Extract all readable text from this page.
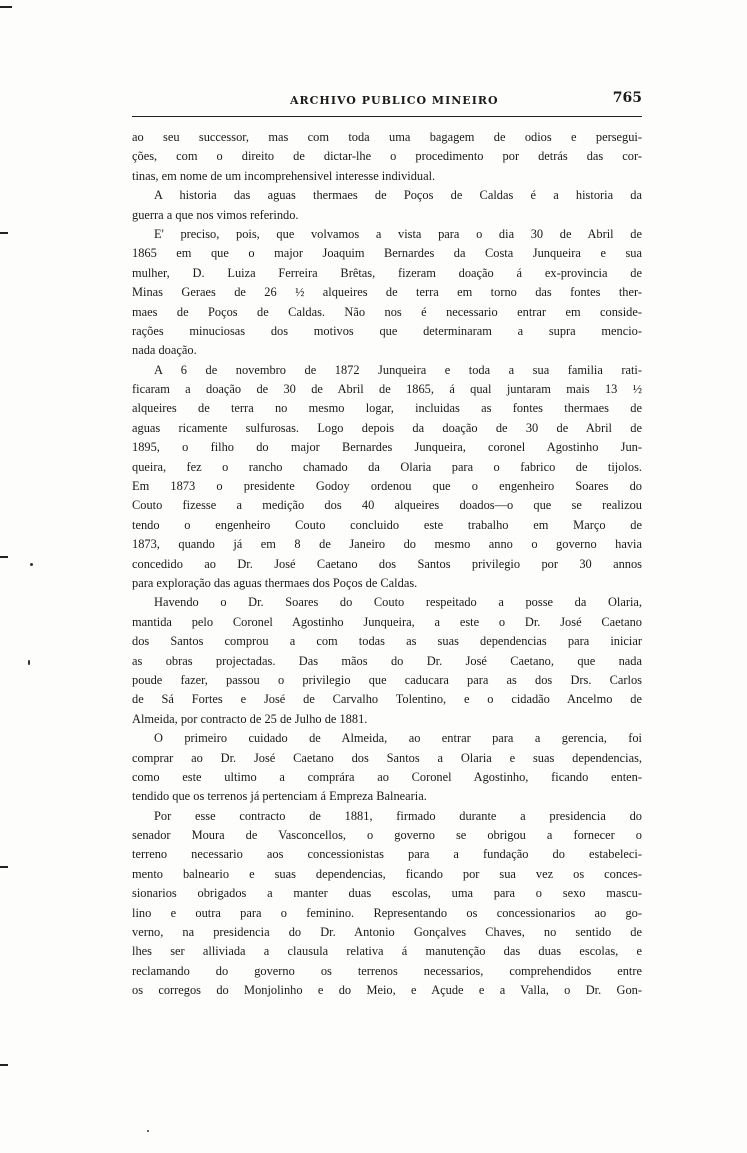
ARCHIVO PUBLICO MINEIRO	765
ao seu successor, mas com toda uma bagagem de odios e persegui-
ções, com o direito de dictar-lhe o procedimento por detrás das cor-
tinas, em nome de um incomprehensivel interesse individual.
A historia das aguas thermaes de Poços de Caldas é a historia da
guerra a que nos vimos referindo.
E' preciso, pois, que volvamos a vista para o dia 30 de Abril de
1865 em que o major Joaquim Bernardes da Costa Junqueira e sua
mulher, D. Luiza Ferreira Brêtas, fizeram doação á ex-provincia de
Minas Geraes de 26 ½ alqueires de terra em torno das fontes ther-
maes de Poços de Caldas. Não nos é necessario entrar em conside-
rações minuciosas dos motivos que determinaram a supra mencio-
nada doação.
A 6 de novembro de 1872 Junqueira e toda a sua familia rati-
ficaram a doação de 30 de Abril de 1865, á qual juntaram mais 13 ½
alqueires de terra no mesmo logar, incluidas as fontes thermaes de
aguas ricamente sulfurosas. Logo depois da doação de 30 de Abril de
1895, o filho do major Bernardes Junqueira, coronel Agostinho Jun-
queira, fez o rancho chamado da Olaria para o fabrico de tijolos.
Em 1873 o presidente Godoy ordenou que o engenheiro Soares do
Couto fizesse a medição dos 40 alqueires doados—o que se realizou
tendo o engenheiro Couto concluido este trabalho em Março de
1873, quando já em 8 de Janeiro do mesmo anno o governo havia
concedido ao Dr. José Caetano dos Santos privilegio por 30 annos
para exploração das aguas thermaes dos Poços de Caldas.
Havendo o Dr. Soares do Couto respeitado a posse da Olaria,
mantida pelo Coronel Agostinho Junqueira, a este o Dr. José Caetano
dos Santos comprou a com todas as suas dependencias para iniciar
as obras projectadas. Das mãos do Dr. José Caetano, que nada
poude fazer, passou o privilegio que caducara para as dos Drs. Carlos
de Sá Fortes e José de Carvalho Tolentino, e o cidadão Ancelmo de
Almeida, por contracto de 25 de Julho de 1881.
O primeiro cuidado de Almeida, ao entrar para a gerencia, foi
comprar ao Dr. José Caetano dos Santos a Olaria e suas dependencias,
como este ultimo a comprára ao Coronel Agostinho, ficando enten-
tendido que os terrenos já pertenciam á Empreza Balnearia.
Por esse contracto de 1881, firmado durante a presidencia do
senador Moura de Vasconcellos, o governo se obrigou a fornecer o
terreno necessario aos concessionistas para a fundação do estabeleci-
mento balneario e suas dependencias, ficando por sua vez os conces-
sionarios obrigados a manter duas escolas, uma para o sexo mascu-
lino e outra para o feminino. Representando os concessionarios ao go-
verno, na presidencia do Dr. Antonio Gonçalves Chaves, no sentido de
lhes ser alliviada a clausula relativa á manutenção das duas escolas, e
reclamando do governo os terrenos necessarios, comprehendidos entre
os corregos do Monjolinho e do Meio, e Açude e a Valla, o Dr. Gon-
